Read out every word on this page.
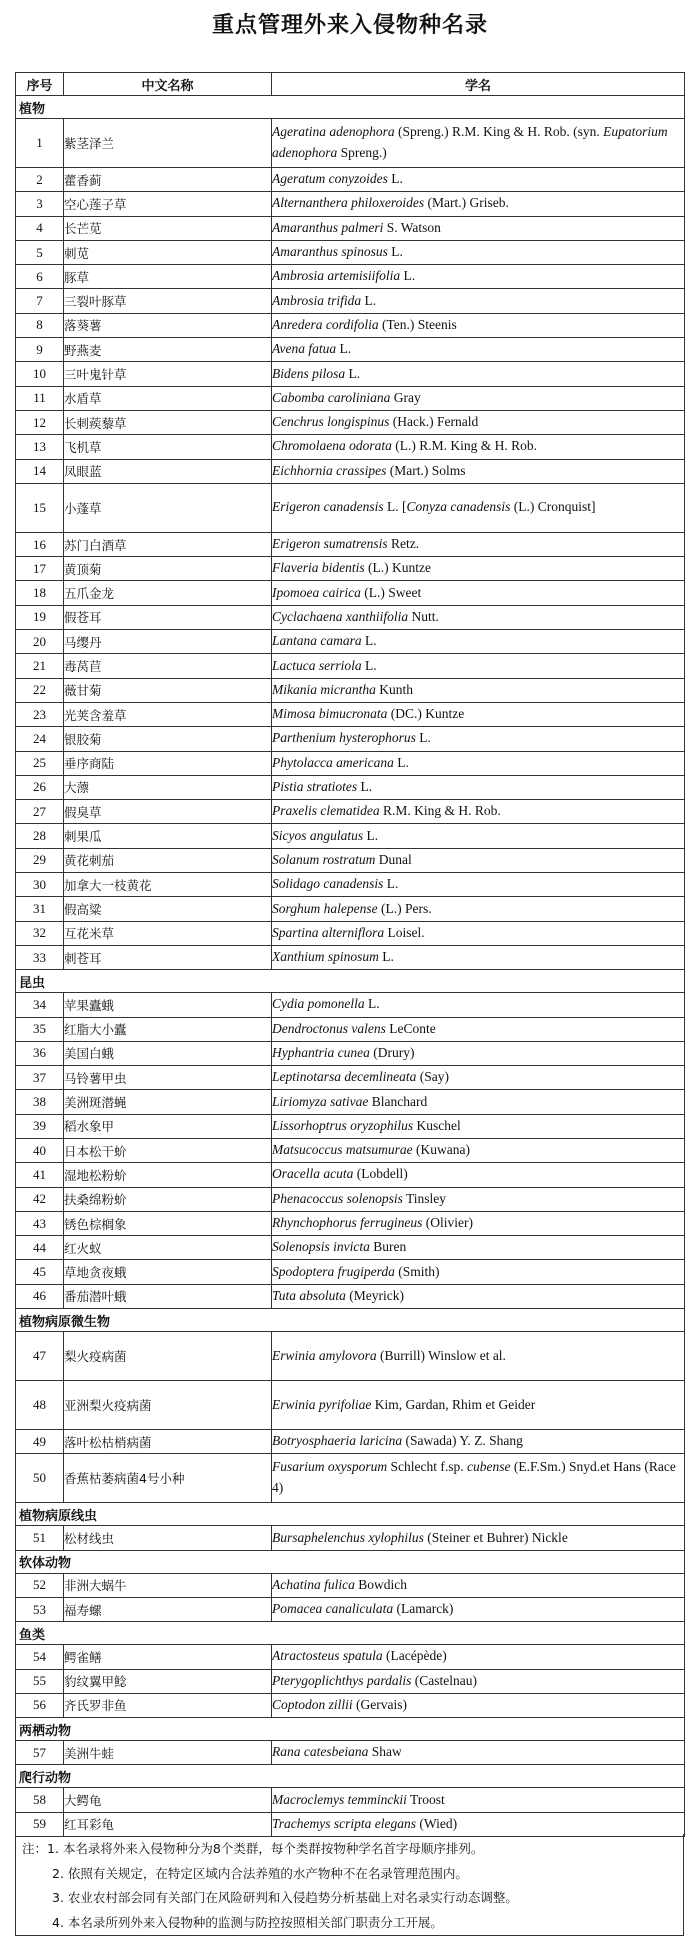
重点管理外来入侵物种名录
序号	中文名称	学名
植物		
1	紫茎泽兰	Ageratina adenophora (Spreng.) R.M. King & H. Rob. (syn. Eupatorium adenophora Spreng.)
2	藿香蓟	Ageratum conyzoides L.
3	空心莲子草	Alternanthera philoxeroides (Mart.) Griseb.
4	长芒苋	Amaranthus palmeri S. Watson
5	刺苋	Amaranthus spinosus L.
6	豚草	Ambrosia artemisiifolia L.
7	三裂叶豚草	Ambrosia trifida L.
8	落葵薯	Anredera cordifolia (Ten.) Steenis
9	野燕麦	Avena fatua L.
10	三叶鬼针草	Bidens pilosa L.
11	水盾草	Cabomba caroliniana Gray
12	长刺蒺藜草	Cenchrus longispinus (Hack.) Fernald
13	飞机草	Chromolaena odorata (L.) R.M. King & H. Rob.
14	凤眼蓝	Eichhornia crassipes (Mart.) Solms
15	小蓬草	Erigeron canadensis L. [Conyza canadensis (L.) Cronquist]
16	苏门白酒草	Erigeron sumatrensis Retz.
17	黄顶菊	Flaveria bidentis (L.) Kuntze
18	五爪金龙	Ipomoea cairica (L.) Sweet
19	假苍耳	Cyclachaena xanthiifolia Nutt.
20	马缨丹	Lantana camara L.
21	毒莴苣	Lactuca serriola L.
22	薇甘菊	Mikania micrantha Kunth
23	光荚含羞草	Mimosa bimucronata (DC.) Kuntze
24	银胶菊	Parthenium hysterophorus L.
25	垂序商陆	Phytolacca americana L.
26	大薸	Pistia stratiotes L.
27	假臭草	Praxelis clematidea R.M. King & H. Rob.
28	刺果瓜	Sicyos angulatus L.
29	黄花刺茄	Solanum rostratum Dunal
30	加拿大一枝黄花	Solidago canadensis L.
31	假高粱	Sorghum halepense (L.) Pers.
32	互花米草	Spartina alterniflora Loisel.
33	刺苍耳	Xanthium spinosum L.
昆虫		
34	苹果蠹蛾	Cydia pomonella L.
35	红脂大小蠹	Dendroctonus valens LeConte
36	美国白蛾	Hyphantria cunea (Drury)
37	马铃薯甲虫	Leptinotarsa decemlineata (Say)
38	美洲斑潜蝇	Liriomyza sativae Blanchard
39	稻水象甲	Lissorhoptrus oryzophilus Kuschel
40	日本松干蚧	Matsucoccus matsumurae (Kuwana)
41	湿地松粉蚧	Oracella acuta (Lobdell)
42	扶桑绵粉蚧	Phenacoccus solenopsis Tinsley
43	锈色棕榈象	Rhynchophorus ferrugineus (Olivier)
44	红火蚁	Solenopsis invicta Buren
45	草地贪夜蛾	Spodoptera frugiperda (Smith)
46	番茄潜叶蛾	Tuta absoluta (Meyrick)
植物病原微生物		
47	梨火疫病菌	Erwinia amylovora (Burrill) Winslow et al.
48	亚洲梨火疫病菌	Erwinia pyrifoliae Kim, Gardan, Rhim et Geider
49	落叶松枯梢病菌	Botryosphaeria laricina (Sawada) Y. Z. Shang
50	香蕉枯萎病菌4号小种	Fusarium oxysporum Schlecht f.sp. cubense (E.F.Sm.) Snyd.et Hans (Race 4)
植物病原线虫		
51	松材线虫	Bursaphelenchus xylophilus (Steiner et Buhrer) Nickle
软体动物		
52	非洲大蜗牛	Achatina fulica Bowdich
53	福寿螺	Pomacea canaliculata (Lamarck)
鱼类		
54	鳄雀鳝	Atractosteus spatula (Lacépède)
55	豹纹翼甲鲶	Pterygoplichthys pardalis (Castelnau)
56	齐氏罗非鱼	Coptodon zillii (Gervais)
两栖动物		
57	美洲牛蛙	Rana catesbeiana Shaw
爬行动物		
58	大鳄龟	Macroclemys temminckii Troost
59	红耳彩龟	Trachemys scripta elegans (Wied)
注：1. 本名录将外来入侵物种分为8个类群，每个类群按物种学名首字母顺序排列。
2. 依照有关规定，在特定区域内合法养殖的水产物种不在名录管理范围内。
3. 农业农村部会同有关部门在风险研判和入侵趋势分析基础上对名录实行动态调整。
4. 本名录所列外来入侵物种的监测与防控按照相关部门职责分工开展。
